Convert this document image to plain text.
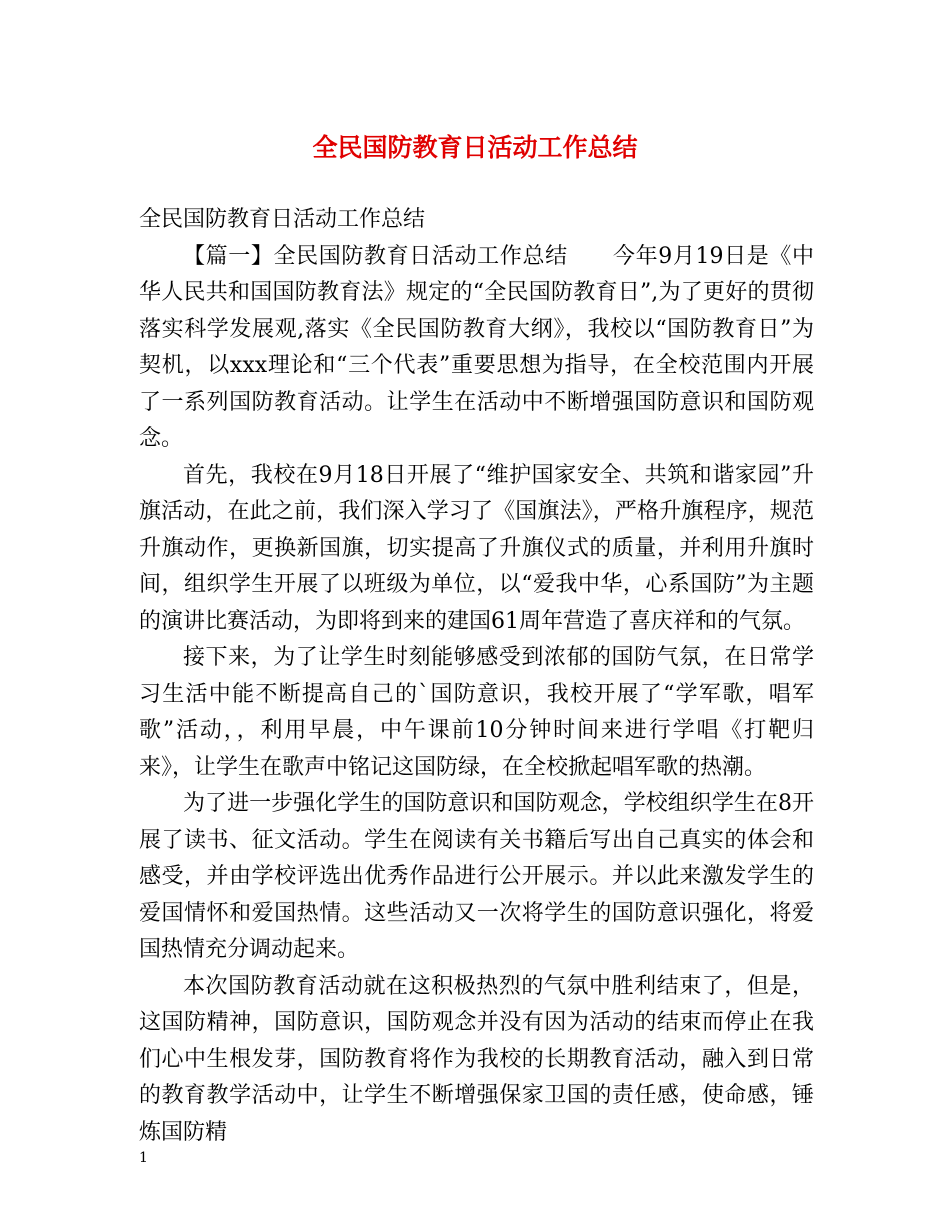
全民国防教育日活动工作总结

全民国防教育日活动工作总结

【篇一】全民国防教育日活动工作总结　　今年9月19日是《中华人民共和国国防教育法》规定的“全民国防教育日”,为了更好的贯彻落实科学发展观,落实《全民国防教育大纲》，我校以“国防教育日”为契机，以xxx理论和“三个代表”重要思想为指导，在全校范围内开展了一系列国防教育活动。让学生在活动中不断增强国防意识和国防观念。

首先，我校在9月18日开展了“维护国家安全、共筑和谐家园”升旗活动，在此之前，我们深入学习了《国旗法》，严格升旗程序，规范升旗动作，更换新国旗，切实提高了升旗仪式的质量，并利用升旗时间，组织学生开展了以班级为单位，以“爱我中华，心系国防”为主题的演讲比赛活动，为即将到来的建国61周年营造了喜庆祥和的气氛。

接下来，为了让学生时刻能够感受到浓郁的国防气氛，在日常学习生活中能不断提高自己的`国防意识，我校开展了“学军歌，唱军歌”活动，，利用早晨，中午课前10分钟时间来进行学唱《打靶归来》，让学生在歌声中铭记这国防绿，在全校掀起唱军歌的热潮。

为了进一步强化学生的国防意识和国防观念，学校组织学生在8开展了读书、征文活动。学生在阅读有关书籍后写出自己真实的体会和感受，并由学校评选出优秀作品进行公开展示。并以此来激发学生的爱国情怀和爱国热情。这些活动又一次将学生的国防意识强化，将爱国热情充分调动起来。

本次国防教育活动就在这积极热烈的气氛中胜利结束了，但是，这国防精神，国防意识，国防观念并没有因为活动的结束而停止在我们心中生根发芽，国防教育将作为我校的长期教育活动，融入到日常的教育教学活动中，让学生不断增强保家卫国的责任感，使命感，锤炼国防精

1
